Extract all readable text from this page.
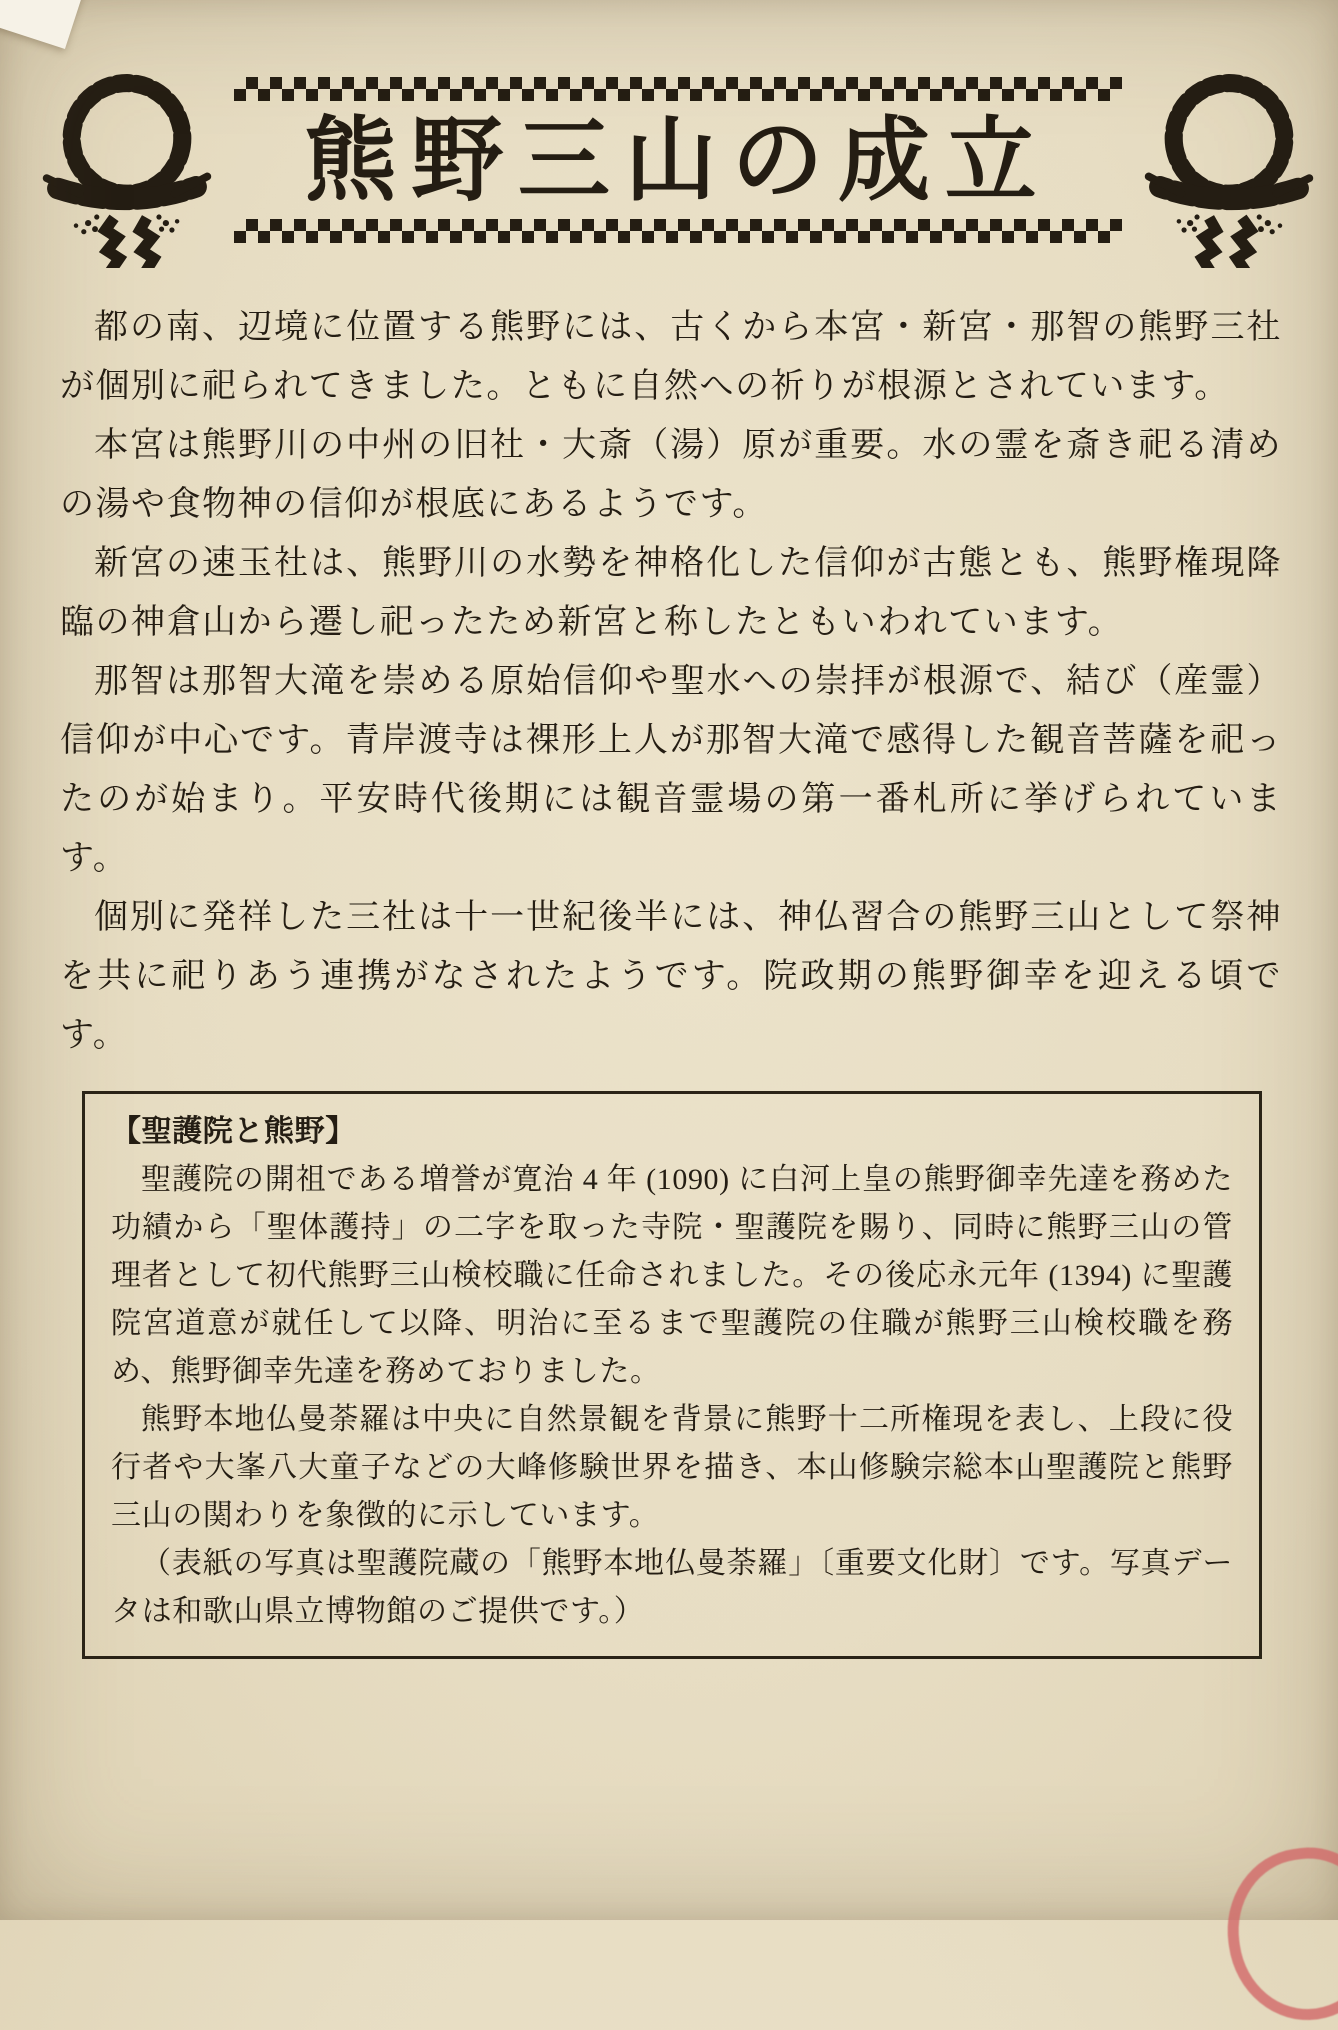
熊野三山の成立

都の南、辺境に位置する熊野には、古くから本宮・新宮・那智の熊野三社が個別に祀られてきました。ともに自然への祈りが根源とされています。

本宮は熊野川の中州の旧社・大斎（湯）原が重要。水の霊を斎き祀る清めの湯や食物神の信仰が根底にあるようです。

新宮の速玉社は、熊野川の水勢を神格化した信仰が古態とも、熊野権現降臨の神倉山から遷し祀ったため新宮と称したともいわれています。

那智は那智大滝を崇める原始信仰や聖水への崇拝が根源で、結び（産霊）信仰が中心です。青岸渡寺は裸形上人が那智大滝で感得した観音菩薩を祀ったのが始まり。平安時代後期には観音霊場の第一番札所に挙げられています。

個別に発祥した三社は十一世紀後半には、神仏習合の熊野三山として祭神を共に祀りあう連携がなされたようです。院政期の熊野御幸を迎える頃です。

【聖護院と熊野】

聖護院の開祖である増誉が寛治 4 年 (1090) に白河上皇の熊野御幸先達を務めた功績から「聖体護持」の二字を取った寺院・聖護院を賜り、同時に熊野三山の管理者として初代熊野三山検校職に任命されました。その後応永元年 (1394) に聖護院宮道意が就任して以降、明治に至るまで聖護院の住職が熊野三山検校職を務め、熊野御幸先達を務めておりました。

熊野本地仏曼荼羅は中央に自然景観を背景に熊野十二所権現を表し、上段に役行者や大峯八大童子などの大峰修験世界を描き、本山修験宗総本山聖護院と熊野三山の関わりを象徴的に示しています。

（表紙の写真は聖護院蔵の「熊野本地仏曼荼羅」〔重要文化財〕です。写真データは和歌山県立博物館のご提供です。）
